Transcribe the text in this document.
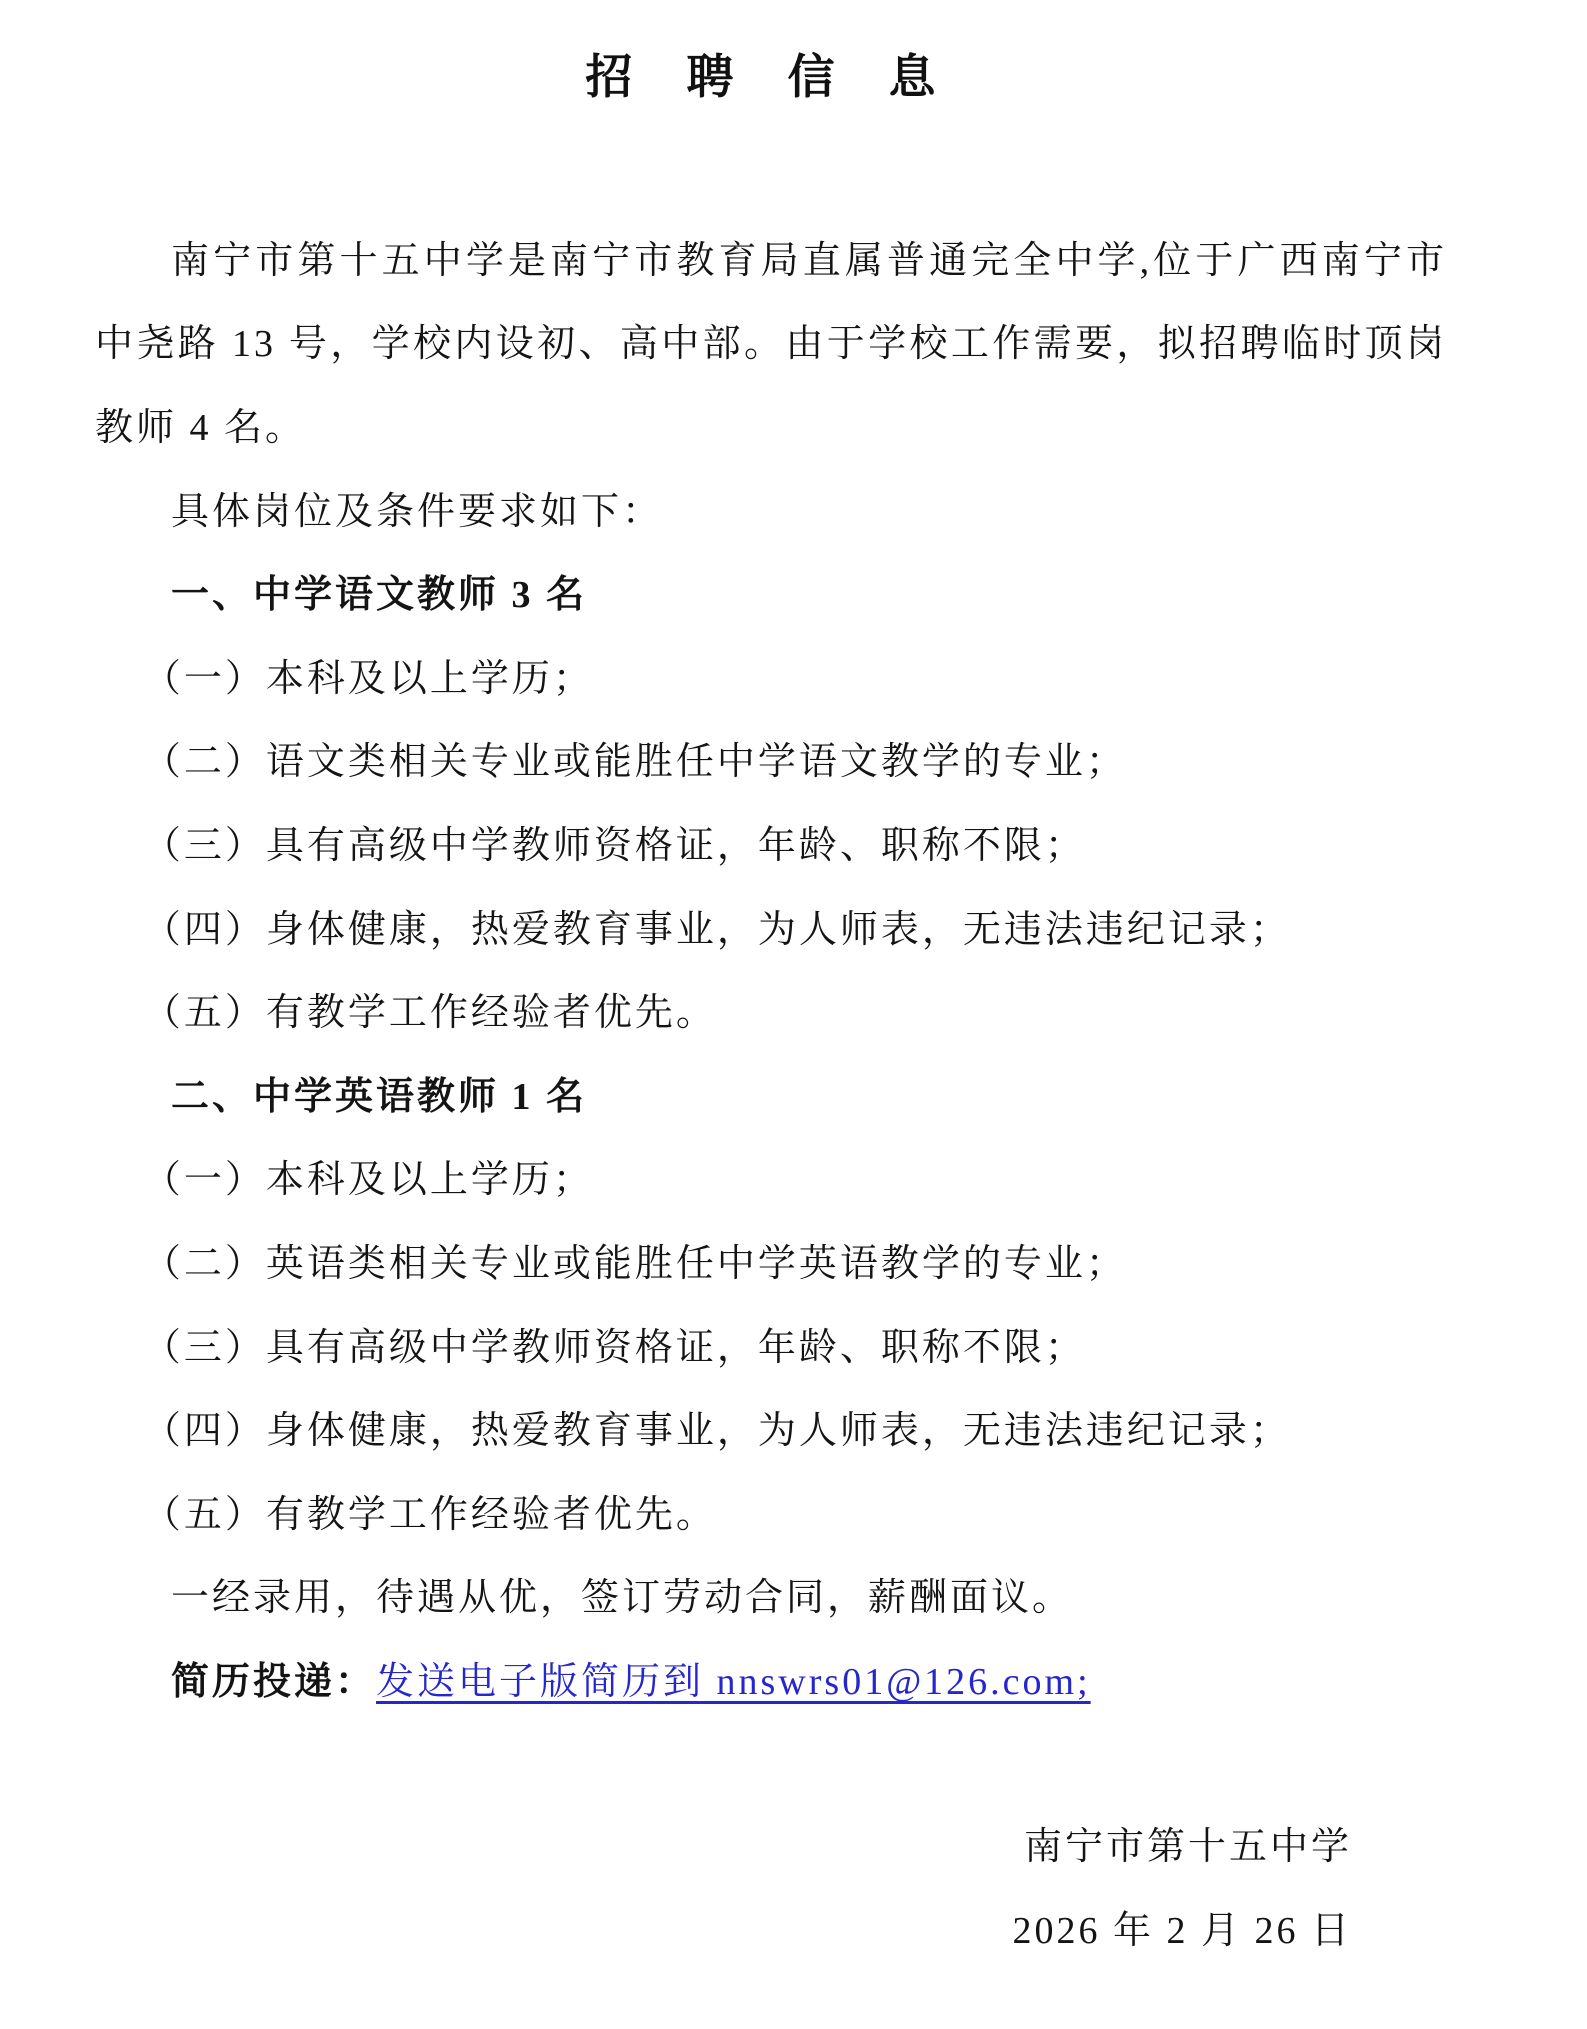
招 聘 信 息

南宁市第十五中学是南宁市教育局直属普通完全中学,位于广西南宁市中尧路 13 号，学校内设初、高中部。由于学校工作需要，拟招聘临时顶岗教师 4 名。

具体岗位及条件要求如下：

一、中学语文教师 3 名

（一）本科及以上学历；

（二）语文类相关专业或能胜任中学语文教学的专业；

（三）具有高级中学教师资格证，年龄、职称不限；

（四）身体健康，热爱教育事业，为人师表，无违法违纪记录；

（五）有教学工作经验者优先。

二、中学英语教师 1 名

（一）本科及以上学历；

（二）英语类相关专业或能胜任中学英语教学的专业；

（三）具有高级中学教师资格证，年龄、职称不限；

（四）身体健康，热爱教育事业，为人师表，无违法违纪记录；

（五）有教学工作经验者优先。

一经录用，待遇从优，签订劳动合同，薪酬面议。

简历投递：发送电子版简历到 nnswrs01@126.com;

南宁市第十五中学

2026 年 2 月 26 日
